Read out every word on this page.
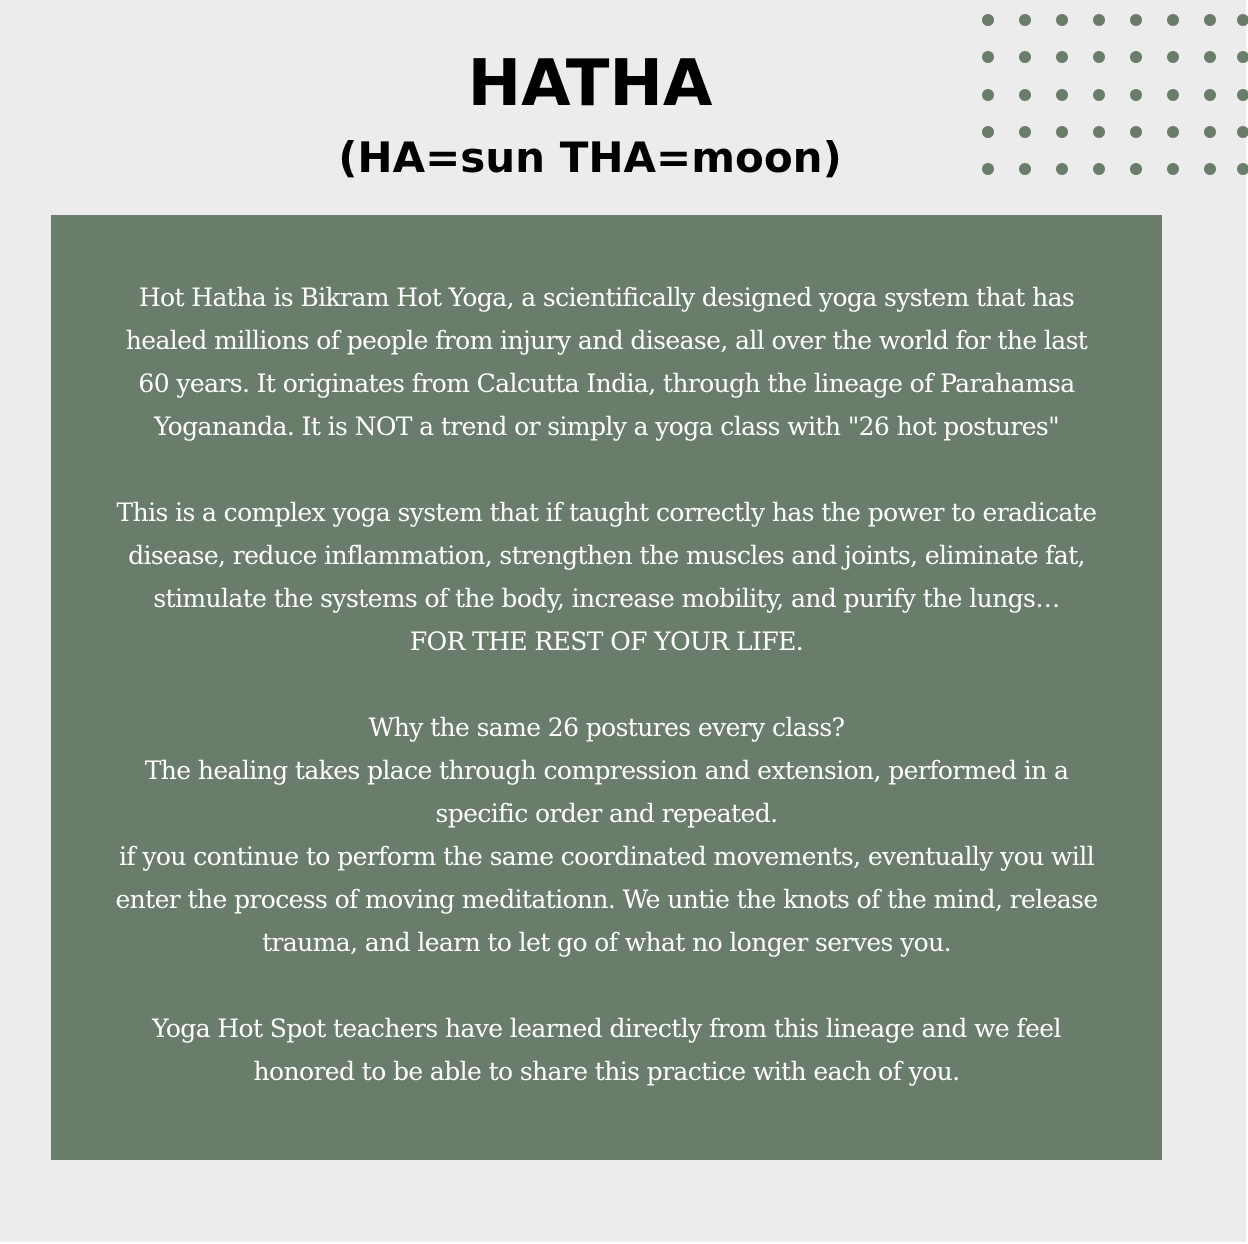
HATHA
(HA=sun THA=moon)
Hot Hatha is Bikram Hot Yoga, a scientifically designed yoga system that has
healed millions of people from injury and disease, all over the world for the last
60 years. It originates from Calcutta India, through the lineage of Parahamsa
Yogananda. It is NOT a trend or simply a yoga class with "26 hot postures"
This is a complex yoga system that if taught correctly has the power to eradicate
disease, reduce inflammation, strengthen the muscles and joints, eliminate fat,
stimulate the systems of the body, increase mobility, and purify the lungs…
FOR THE REST OF YOUR LIFE.
Why the same 26 postures every class?
The healing takes place through compression and extension, performed in a
specific order and repeated.
if you continue to perform the same coordinated movements, eventually you will
enter the process of moving meditationn. We untie the knots of the mind, release
trauma, and learn to let go of what no longer serves you.
Yoga Hot Spot teachers have learned directly from this lineage and we feel
honored to be able to share this practice with each of you.
